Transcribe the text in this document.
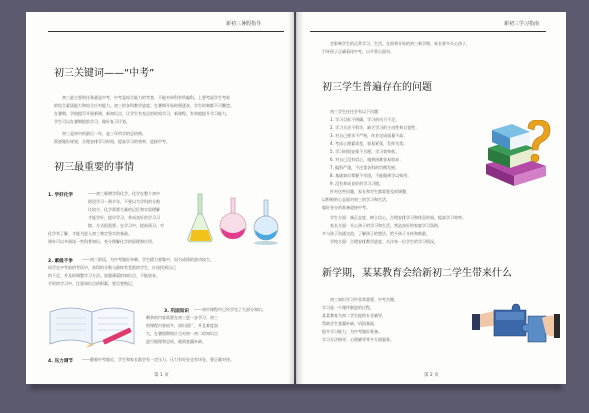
新初三暑假指导
初三关键词——“中考”
　　初三最主要的任务就是中考，中考是综合能力的考查，不能对单科有所偏科。上要考虑学生考前
的综合素质能力和综合应对能力。初三的各科教学进度，在暑期开始时便逐步，学生时刻都不可懈怠。
在暑期，学校提早开展新课，新知识点，让学生有充足的时间学习，新课程。有效地提升学习能力，
学生可以在暑期提前学习，做好复习计划。
　　初三是初中的最后一年，是三年所学的总结期。
需要做好规划，合理安排学习时间，提高学习的效率，迎接中考。
初三最重要的事情
1. 学好化学	——初三新增学科化学。化学在整个初中
阶段学习一到半年，不要以为学科的分数
比较少，化学需要大量的记忆和实验理解
才能学好，提早学习，养成良好的学习习
惯，方式很重要。在学习中，提前预习，对
化学有了解，才能为进入初三奠定坚实的基础。
课外可以多阅读一些科普知识，充分理解化学的原理和应用。
2. 素级不争 ——初三阶段，为中考做好冲刺，学生精力要集中，因为成绩的波动较大，
同学在中考前的考试中，获得的分数与最终有差距的学生，应该找到自己
的不足，并及时调整学习方法。加强薄弱的知识点，不能放弃。
平时的学习中，注重知识点的积累，要点要熟记。
3. 巩固知识 ——初中课程中已经学完了大部分知识，
剩余的内容需要在初三进一步学习，初三
的课程内容较多，知识面广，并且难度加
大，在暑假期间应当对初一初二的知识点
进行梳理和总结，做到查漏补缺。
4. 压力调节 ——随着中考临近，学生和家长都会有一定压力，压力有好处也有坏处，要正确对待。
第 1 页
新初三学习指南
　　会影响学生的正常学习、生活。在即将开始的初三新学期，家长要多关心孩子，
引导孩子正确看待中考，以平常心面对。
初三学生普遍存在的问题
　　初三学生往往会有以下问题：
　　1. 学习目标不明确，学习的动力不足；
　　2. 学习方法不科学，缺乏学习的主动性和自觉性；
　　3. 对自己要求不严格，作业完成质量不高；
　　4. 考试心理素质差，容易紧张，发挥失常；
　　5. 学习时间安排不合理，学习效率低；
　　6. 对自己没有信心，遇到困难容易放弃；
　　7. 偏科严重，不注重各科的均衡发展；
　　8. 基础知识掌握不牢固，不能做到学以致用；
　　9. 没有养成良好的学习习惯。
　　针对这些问题，家长和学生都需要及时调整，
以积极的心态面对初三的学习和生活，
做好充分的准备迎接中考。
　　学生方面：端正态度，树立信心，合理安排学习和休息时间，提高学习效率。
　　家长方面：关心孩子的学习和生活，营造良好的家庭学习氛围，
多与孩子沟通交流，了解孩子的想法，给予孩子支持和鼓励。
　　学校方面：合理安排教学进度，关注每一位学生的学习情况。
新学期，某某教育会给新初二学生带来什么
　　初三知识学习中非常重要，中考关键。
学习是一个循序渐进的过程，
某某教育为初二学生提供专业辅导，
帮助学生查漏补缺，巩固基础，
提升学习能力，为中考做好准备。
学习方法指导、心理辅导等多方面服务。
第 2 页
